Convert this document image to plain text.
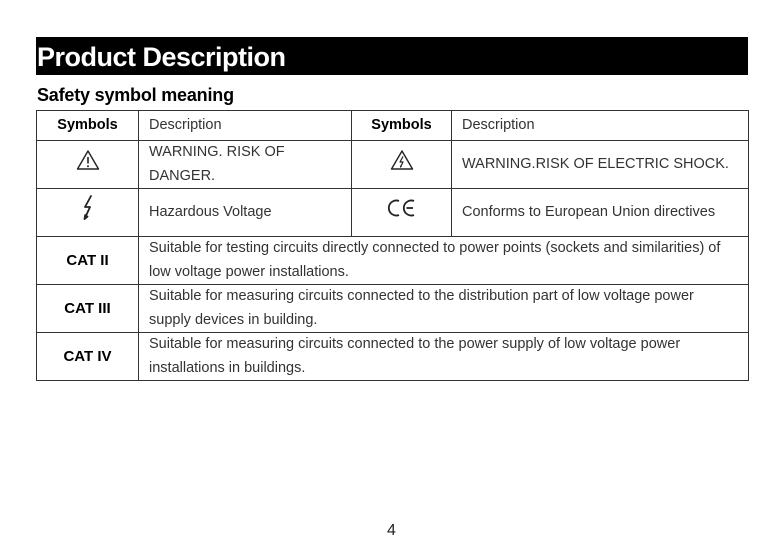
Product Description
Safety symbol meaning
Symbols	Description	Symbols	Description
	WARNING. RISK OF DANGER.		WARNING.RISK OF ELECTRIC SHOCK.
	Hazardous Voltage		Conforms to European Union directives
CAT II	Suitable for testing circuits directly connected to power points (sockets and similarities) of low voltage power installations.		
CAT III	Suitable for measuring circuits connected to the distribution part of low voltage power supply devices in building.		
CAT IV	Suitable for measuring circuits connected to the power supply of low voltage power installations in buildings.		
4
